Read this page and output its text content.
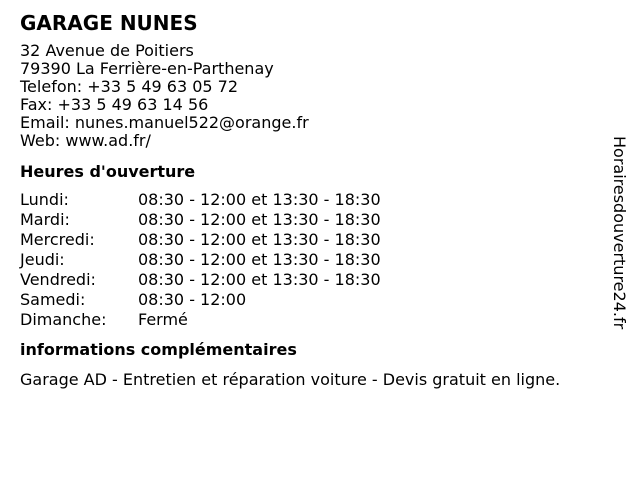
GARAGE NUNES
32 Avenue de Poitiers
79390 La Ferrière-en-Parthenay
Telefon: +33 5 49 63 05 72
Fax: +33 5 49 63 14 56
Email: nunes.manuel522@orange.fr
Web: www.ad.fr/
Heures d'ouverture
Lundi:	08:30 - 12:00 et 13:30 - 18:30
Mardi:	08:30 - 12:00 et 13:30 - 18:30
Mercredi:	08:30 - 12:00 et 13:30 - 18:30
Jeudi:	08:30 - 12:00 et 13:30 - 18:30
Vendredi:	08:30 - 12:00 et 13:30 - 18:30
Samedi:	08:30 - 12:00
Dimanche:	Fermé
informations complémentaires
Garage AD - Entretien et réparation voiture - Devis gratuit en ligne.
Horairesdouverture24.fr
